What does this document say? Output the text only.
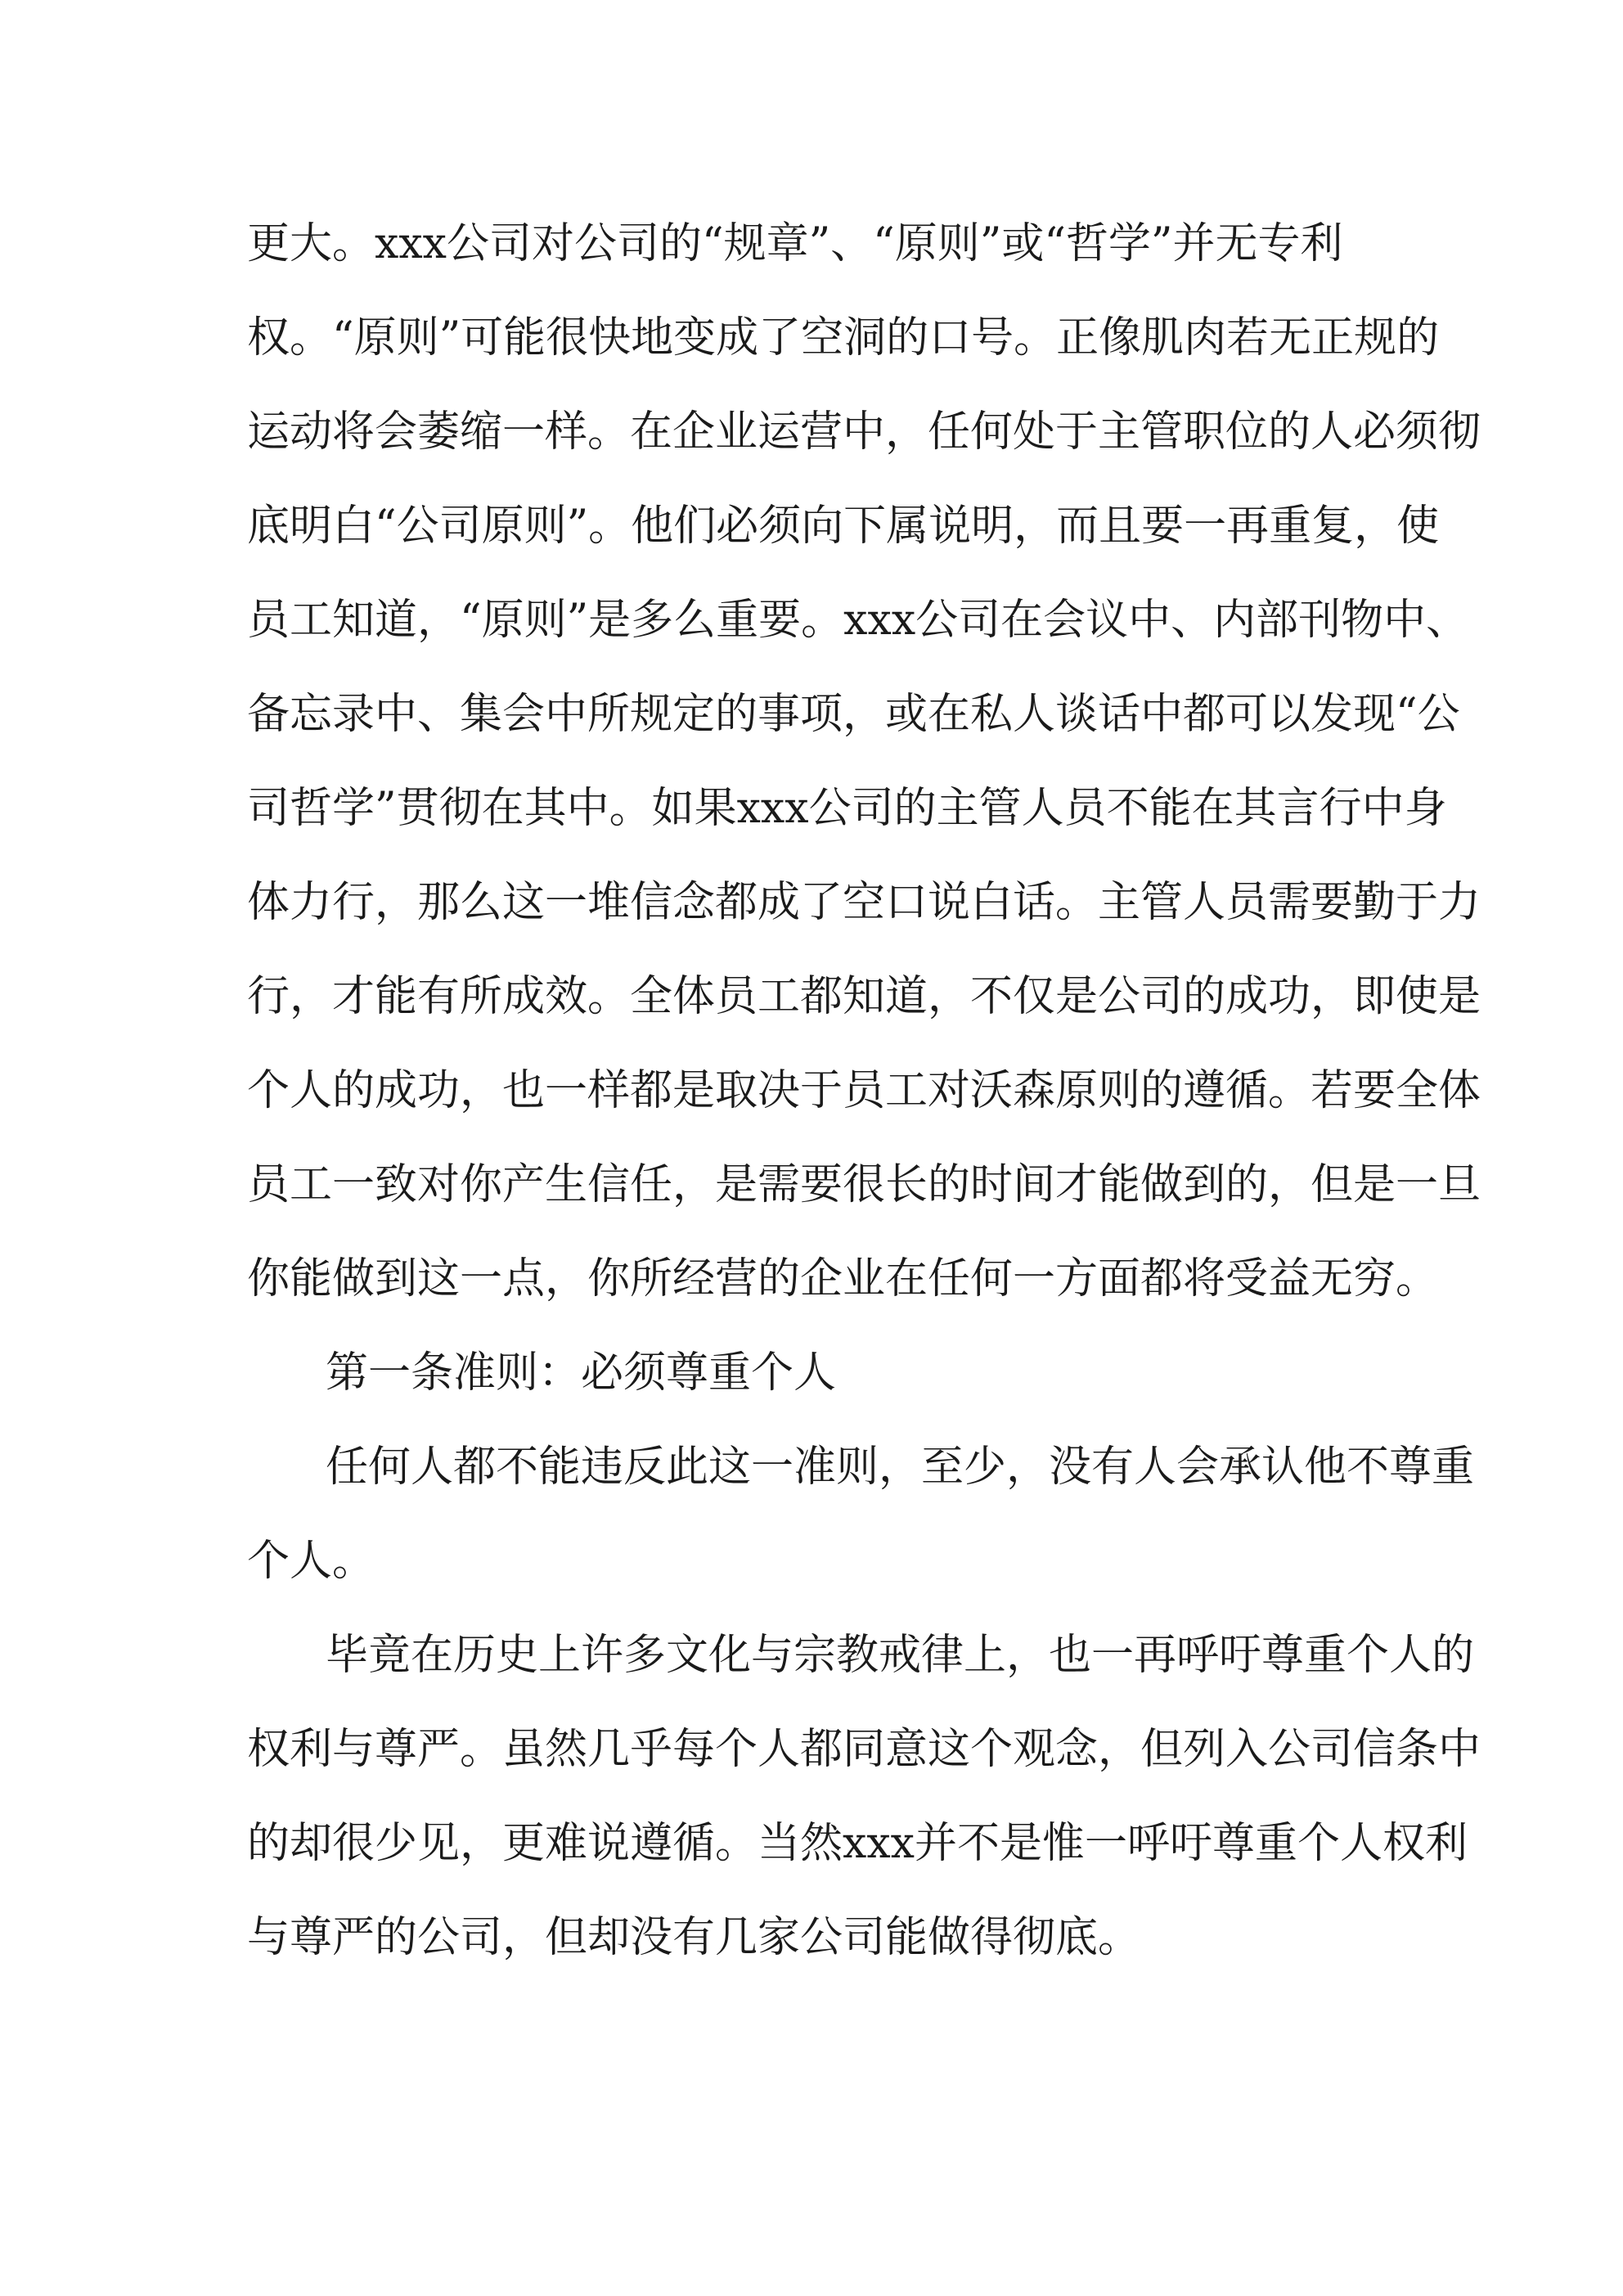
更大。xxx公司对公司的“规章”、“原则”或“哲学”并无专利
权。“原则”可能很快地变成了空洞的口号。正像肌肉若无正规的
运动将会萎缩一样。在企业运营中，任何处于主管职位的人必须彻
底明白“公司原则”。他们必须向下属说明，而且要一再重复，使
员工知道，“原则”是多么重要。xxx公司在会议中、内部刊物中、
备忘录中、集会中所规定的事项，或在私人谈话中都可以发现“公
司哲学”贯彻在其中。如果xxx公司的主管人员不能在其言行中身
体力行，那么这一堆信念都成了空口说白话。主管人员需要勤于力
行，才能有所成效。全体员工都知道，不仅是公司的成功，即使是
个人的成功，也一样都是取决于员工对沃森原则的遵循。若要全体
员工一致对你产生信任，是需要很长的时间才能做到的，但是一旦
你能做到这一点，你所经营的企业在任何一方面都将受益无穷。
第一条准则：必须尊重个人
任何人都不能违反此这一准则，至少，没有人会承认他不尊重
个人。
毕竟在历史上许多文化与宗教戒律上，也一再呼吁尊重个人的
权利与尊严。虽然几乎每个人都同意这个观念，但列入公司信条中
的却很少见，更难说遵循。当然xxx并不是惟一呼吁尊重个人权利
与尊严的公司，但却没有几家公司能做得彻底。
